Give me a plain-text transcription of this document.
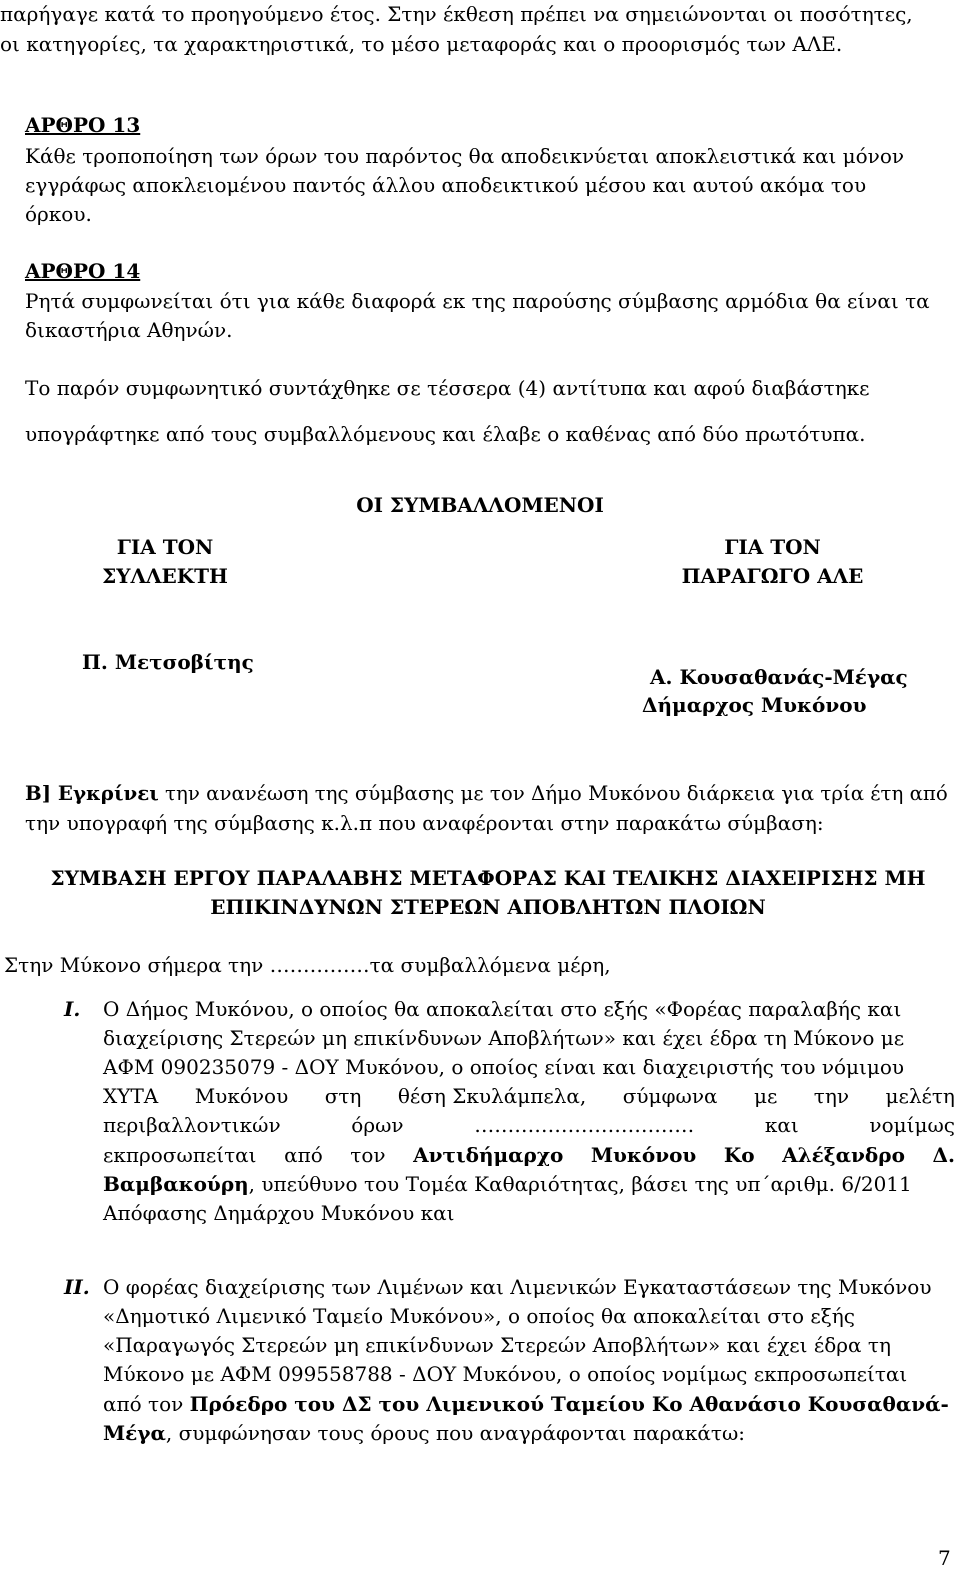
παρήγαγε κατά το προηγούμενο έτος. Στην έκθεση πρέπει να σημειώνονται οι ποσότητες,
οι κατηγορίες, τα χαρακτηριστικά, το μέσο μεταφοράς και ο προορισμός των ΑΛΕ.
ΑΡΘΡΟ 13
Κάθε τροποποίηση των όρων του παρόντος θα αποδεικνύεται αποκλειστικά και μόνον
εγγράφως αποκλειομένου παντός άλλου αποδεικτικού μέσου και αυτού ακόμα του
όρκου.
ΑΡΘΡΟ 14
Ρητά συμφωνείται ότι για κάθε διαφορά εκ της παρούσης σύμβασης αρμόδια θα είναι τα
δικαστήρια Αθηνών.
Το παρόν συμφωνητικό συντάχθηκε σε τέσσερα (4) αντίτυπα και αφού διαβάστηκε
υπογράφτηκε από τους συμβαλλόμενους και έλαβε ο καθένας από δύο πρωτότυπα.
ΟΙ ΣΥΜΒΑΛΛΟΜΕΝΟΙ
ΓΙΑ ΤΟΝ
ΣΥΛΛΕΚΤΗ
ΓΙΑ ΤΟΝ
ΠΑΡΑΓΩΓΟ ΑΛΕ
Π. Μετσοβίτης
Α. Κουσαθανάς-Μέγας
Δήμαρχος Μυκόνου
Β] Εγκρίνει την ανανέωση της σύμβασης με τον Δήμο Μυκόνου διάρκεια για τρία έτη από
την υπογραφή της σύμβασης κ.λ.π που αναφέρονται στην παρακάτω σύμβαση:
ΣΥΜΒΑΣΗ ΕΡΓΟΥ ΠΑΡΑΛΑΒΗΣ ΜΕΤΑΦΟΡΑΣ ΚΑΙ ΤΕΛΙΚΗΣ ΔΙΑΧΕΙΡΙΣΗΣ ΜΗ
ΕΠΙΚΙΝΔΥΝΩΝ ΣΤΕΡΕΩΝ ΑΠΟΒΛΗΤΩΝ ΠΛΟΙΩΝ
Στην Μύκονο σήμερα την ……………τα συμβαλλόμενα μέρη,
I. Ο Δήμος Μυκόνου, ο οποίος θα αποκαλείται στο εξής «Φορέας παραλαβής και
διαχείρισης Στερεών μη επικίνδυνων Αποβλήτων» και έχει έδρα τη Μύκονο με
ΑΦΜ 090235079 - ΔΟΥ Μυκόνου, ο οποίος είναι και διαχειριστής του νόμιμου
ΧΥΤΑ Μυκόνου στη θέση Σκυλάμπελα, σύμφωνα με την μελέτη
περιβαλλοντικών	όρων	……………………………	και	νομίμως
εκπροσωπείται από τον Αντιδήμαρχο Μυκόνου Κο Αλέξανδρο Δ.
Βαμβακούρη, υπεύθυνο του Τομέα Καθαριότητας, βάσει της υπ΄αριθμ. 6/2011
Απόφασης Δημάρχου Μυκόνου και
II. Ο φορέας διαχείρισης των Λιμένων και Λιμενικών Εγκαταστάσεων της Μυκόνου
«Δημοτικό Λιμενικό Ταμείο Μυκόνου», ο οποίος θα αποκαλείται στο εξής
«Παραγωγός Στερεών μη επικίνδυνων Στερεών Αποβλήτων» και έχει έδρα τη
Μύκονο με ΑΦΜ 099558788 - ΔΟΥ Μυκόνου, ο οποίος νομίμως εκπροσωπείται
από τον Πρόεδρο του ΔΣ του Λιμενικού Ταμείου Κο Αθανάσιο Κουσαθανά-
Μέγα, συμφώνησαν τους όρους που αναγράφονται παρακάτω:
7
